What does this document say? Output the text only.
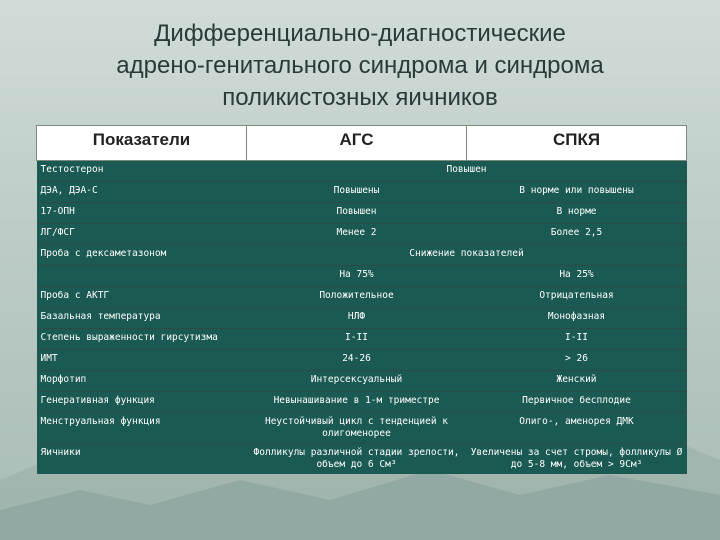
Дифференциально-диагностические
адрено-генитального синдрома и синдрома
поликистозных яичников
Показатели	АГС	СПКЯ
Тестостерон	Повышен	
ДЭА, ДЭА-С	Повышены	В норме или повышены
17-ОПН	Повышен	В норме
ЛГ/ФСГ	Менее 2	Более 2,5
Проба с дексаметазоном	Снижение показателей	
	На 75%	На 25%
Проба с АКТГ	Положительное	Отрицательная
Базальная температура	НЛФ	Монофазная
Степень выраженности гирсутизма	I-II	I-II
ИМТ	24-26	> 26
Морфотип	Интерсексуальный	Женский
Генеративная функция	Невынашивание в 1-м триместре	Первичное бесплодие
Менструальная функция	Неустойчивый цикл с тенденцией к олигоменорее	Олиго-, аменорея ДМК
Яичники	Фолликулы различной стадии зрелости, объем до 6 См³	Увеличены за счет стромы, фолликулы Ø до 5-8 мм, объем > 9См³
